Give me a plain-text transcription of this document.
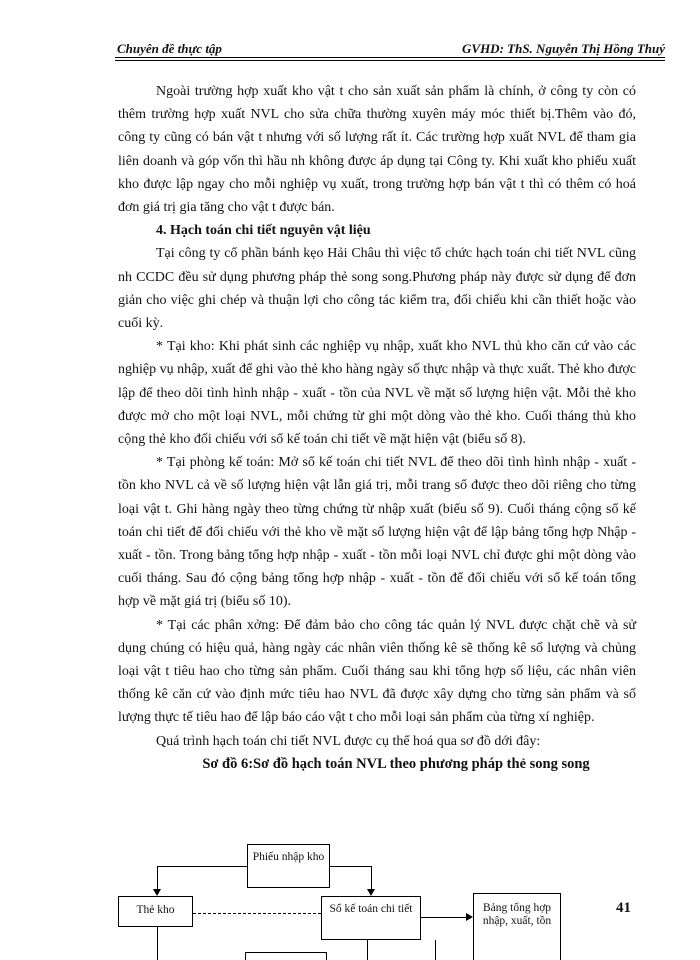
Chuyên đề thực tập	GVHD: ThS. Nguyễn Thị Hồng Thuý

Ngoài trường hợp xuất kho vật t cho sản xuất sản phẩm là chính, ở công ty còn có thêm trường hợp xuất NVL cho sửa chữa thường xuyên máy móc thiết bị.Thêm vào đó, công ty cũng có bán vật t nhưng với số lượng rất ít. Các trường hợp xuất NVL để tham gia liên doanh và góp vốn thì hầu nh không được áp dụng tại Công ty. Khi xuất kho phiếu xuất kho được lập ngay cho mỗi nghiệp vụ xuất, trong trường hợp bán vật t thì có thêm có hoá đơn giá trị gia tăng cho vật t được bán.

4. Hạch toán chi tiết nguyên vật liệu

Tại công ty cổ phần bánh kẹo Hải Châu thì việc tổ chức hạch toán chi tiết NVL cũng nh CCDC đều sử dụng phương pháp thẻ song song.Phương pháp này được sử dụng để đơn giản cho việc ghi chép và thuận lợi cho công tác kiểm tra, đối chiếu khi cần thiết hoặc vào cuối kỳ.

* Tại kho: Khi phát sinh các nghiệp vụ nhập, xuất kho NVL thủ kho căn cứ vào các nghiệp vụ nhập, xuất để ghi vào thẻ kho hàng ngày số thực nhập và thực xuất. Thẻ kho được lập để theo dõi tình hình nhập - xuất - tồn của NVL về mặt số lượng hiện vật. Mỗi thẻ kho được mở cho một loại NVL, mỗi chứng từ ghi một dòng vào thẻ kho. Cuối tháng thủ kho cộng thẻ kho đối chiếu với sổ kế toán chi tiết về mặt hiện vật (biểu số 8).

* Tại phòng kế toán: Mở sổ kế toán chi tiết NVL để theo dõi tình hình nhập - xuất - tồn kho NVL cả về số lượng hiện vật lẫn giá trị, mỗi trang sổ được theo dõi riêng cho từng loại vật t. Ghi hàng ngày theo từng chứng từ nhập xuất (biểu số 9). Cuối tháng cộng sổ kế toán chi tiết để đối chiếu với thẻ kho về mặt số lượng hiện vật để lập bảng tổng hợp Nhập - xuất - tồn. Trong bảng tổng hợp nhập - xuất - tồn mỗi loại NVL chỉ được ghi một dòng vào cuối tháng. Sau đó cộng bảng tổng hợp nhập - xuất - tồn để đối chiếu với sổ kế toán tổng hợp về mặt giá trị (biểu số 10).

* Tại các phân xởng: Để đảm bảo cho công tác quản lý NVL được chặt chẽ và sử dụng chúng có hiệu quả, hàng ngày các nhân viên thống kê sẽ thống kê số lượng và chủng loại vật t tiêu hao cho từng sản phẩm. Cuối tháng sau khi tổng hợp số liệu, các nhân viên thống kê căn cứ vào định mức tiêu hao NVL đã được xây dựng cho từng sản phẩm và số lượng thực tế tiêu hao để lập báo cáo vật t cho mỗi loại sản phẩm của từng xí nghiệp.

Quá trình hạch toán chi tiết NVL được cụ thể hoá qua sơ đồ dới đây:

Sơ đồ 6:Sơ đồ hạch toán NVL theo phương pháp thẻ song song

Phiếu nhập kho
Thẻ kho	Sổ kế toán chi tiết	Bảng tổng hợp nhập, xuất, tồn
41
